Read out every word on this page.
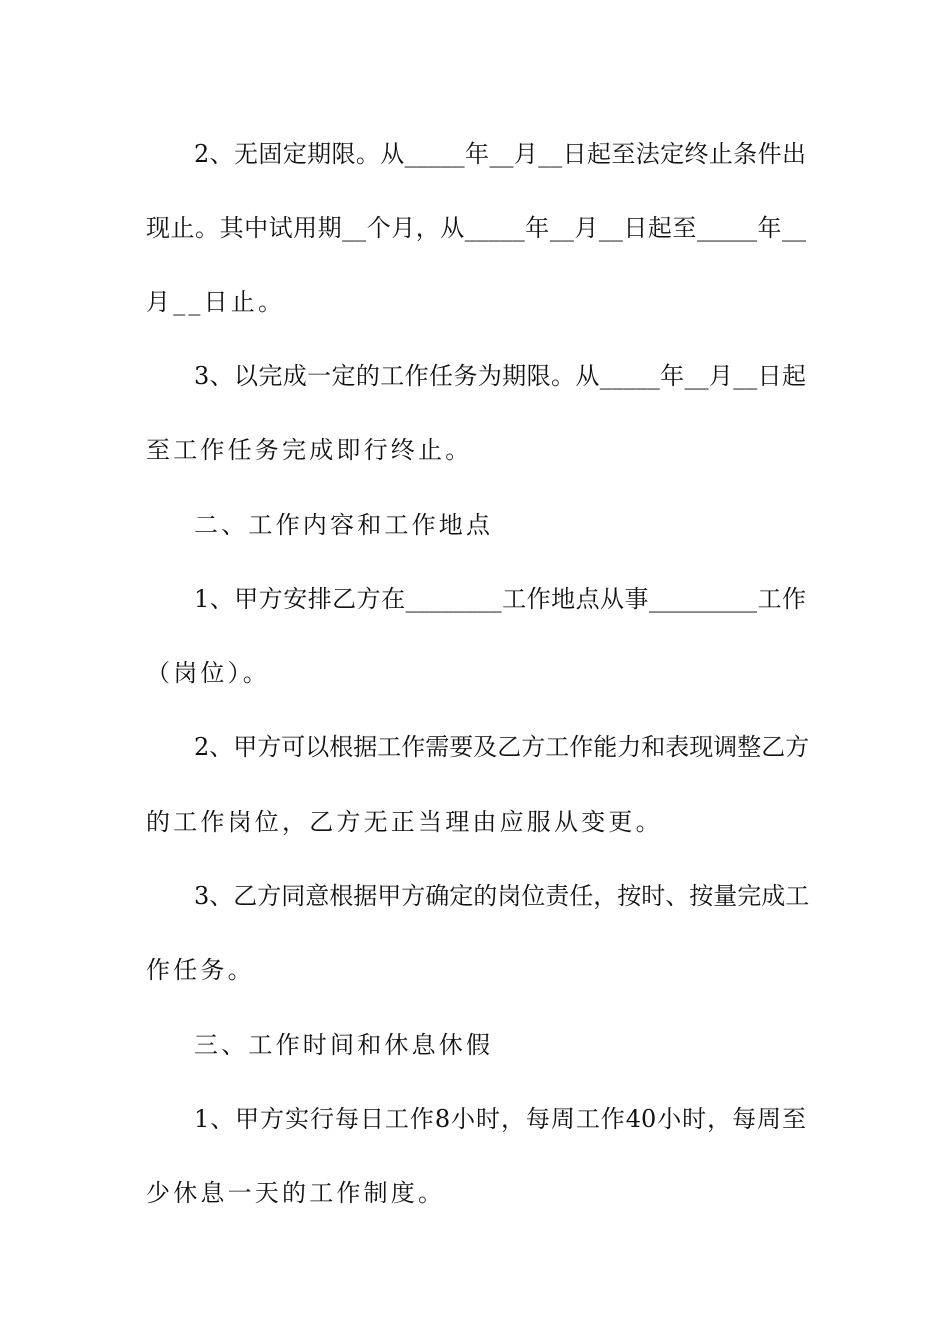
2、无固定期限。从_____年__月__日起至法定终止条件出
现止。其中试用期__个月，从_____年__月__日起至_____年__
月__日止。
3、以完成一定的工作任务为期限。从_____年__月__日起
至工作任务完成即行终止。
二、工作内容和工作地点
1、甲方安排乙方在________工作地点从事_________工作
（岗位）。
2、甲方可以根据工作需要及乙方工作能力和表现调整乙方
的工作岗位，乙方无正当理由应服从变更。
3、乙方同意根据甲方确定的岗位责任，按时、按量完成工
作任务。
三、工作时间和休息休假
1、甲方实行每日工作8小时，每周工作40小时，每周至
少休息一天的工作制度。
